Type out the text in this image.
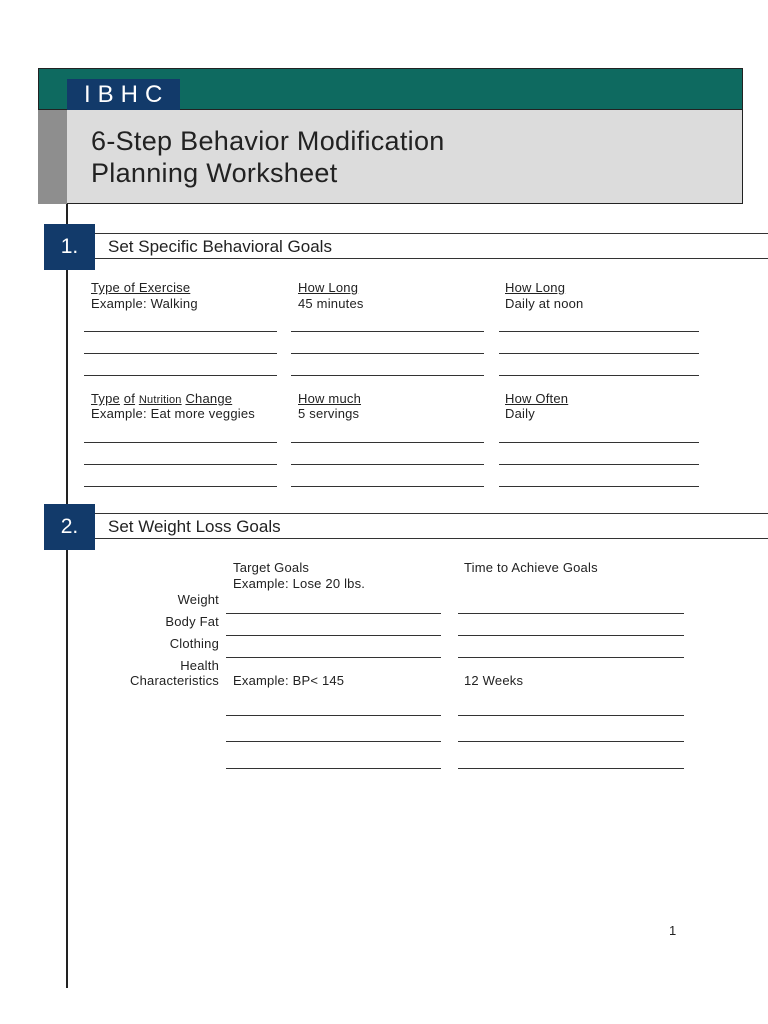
IBHC
6-Step Behavior Modification
Planning Worksheet
Set Specific Behavioral Goals
1.
Type of Exercise
Example: Walking
How Long
45 minutes
How Long
Daily at noon
Type of Nutrition Change
Example: Eat more veggies
How much
5 servings
How Often
Daily
Set Weight Loss Goals
2.
Target Goals
Example: Lose 20 lbs.
Time to Achieve Goals
Weight
Body Fat
Clothing
Health
Characteristics Example: BP< 145	12 Weeks
1
